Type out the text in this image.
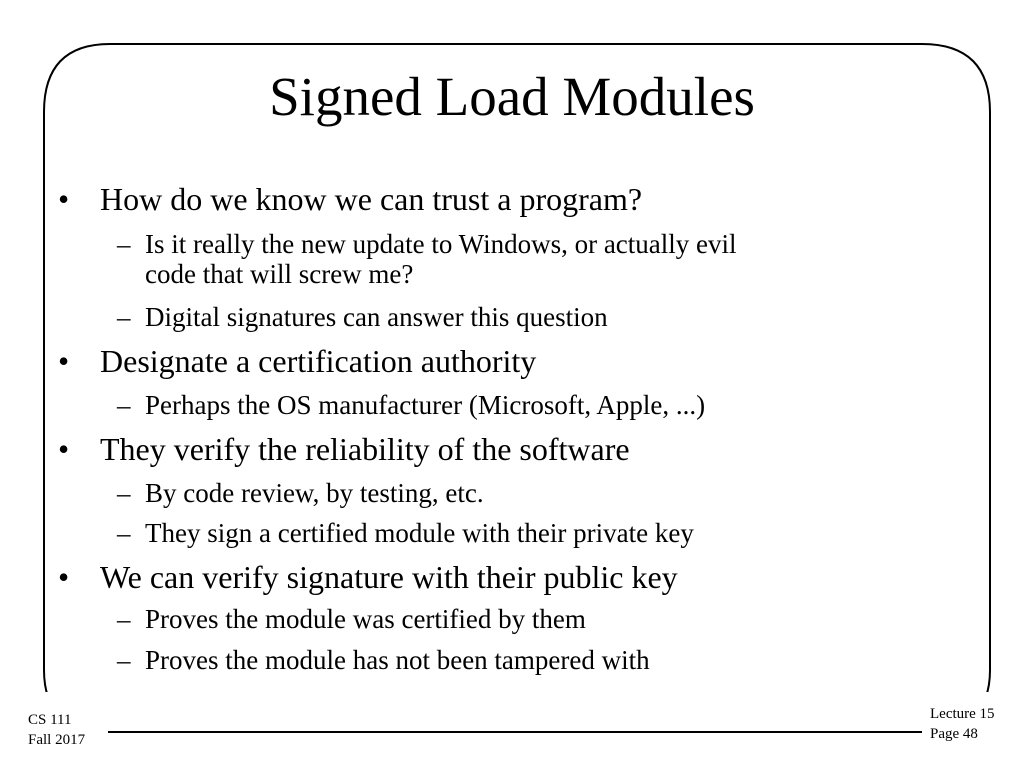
Signed Load Modules
• How do we know we can trust a program?
– Is it really the new update to Windows, or actually evil
code that will screw me?
– Digital signatures can answer this question
• Designate a certification authority
– Perhaps the OS manufacturer (Microsoft, Apple, ...)
• They verify the reliability of the software
– By code review, by testing, etc.
– They sign a certified module with their private key
• We can verify signature with their public key
– Proves the module was certified by them
– Proves the module has not been tampered with
CS 111
Fall 2017
Lecture 15
Page 48
